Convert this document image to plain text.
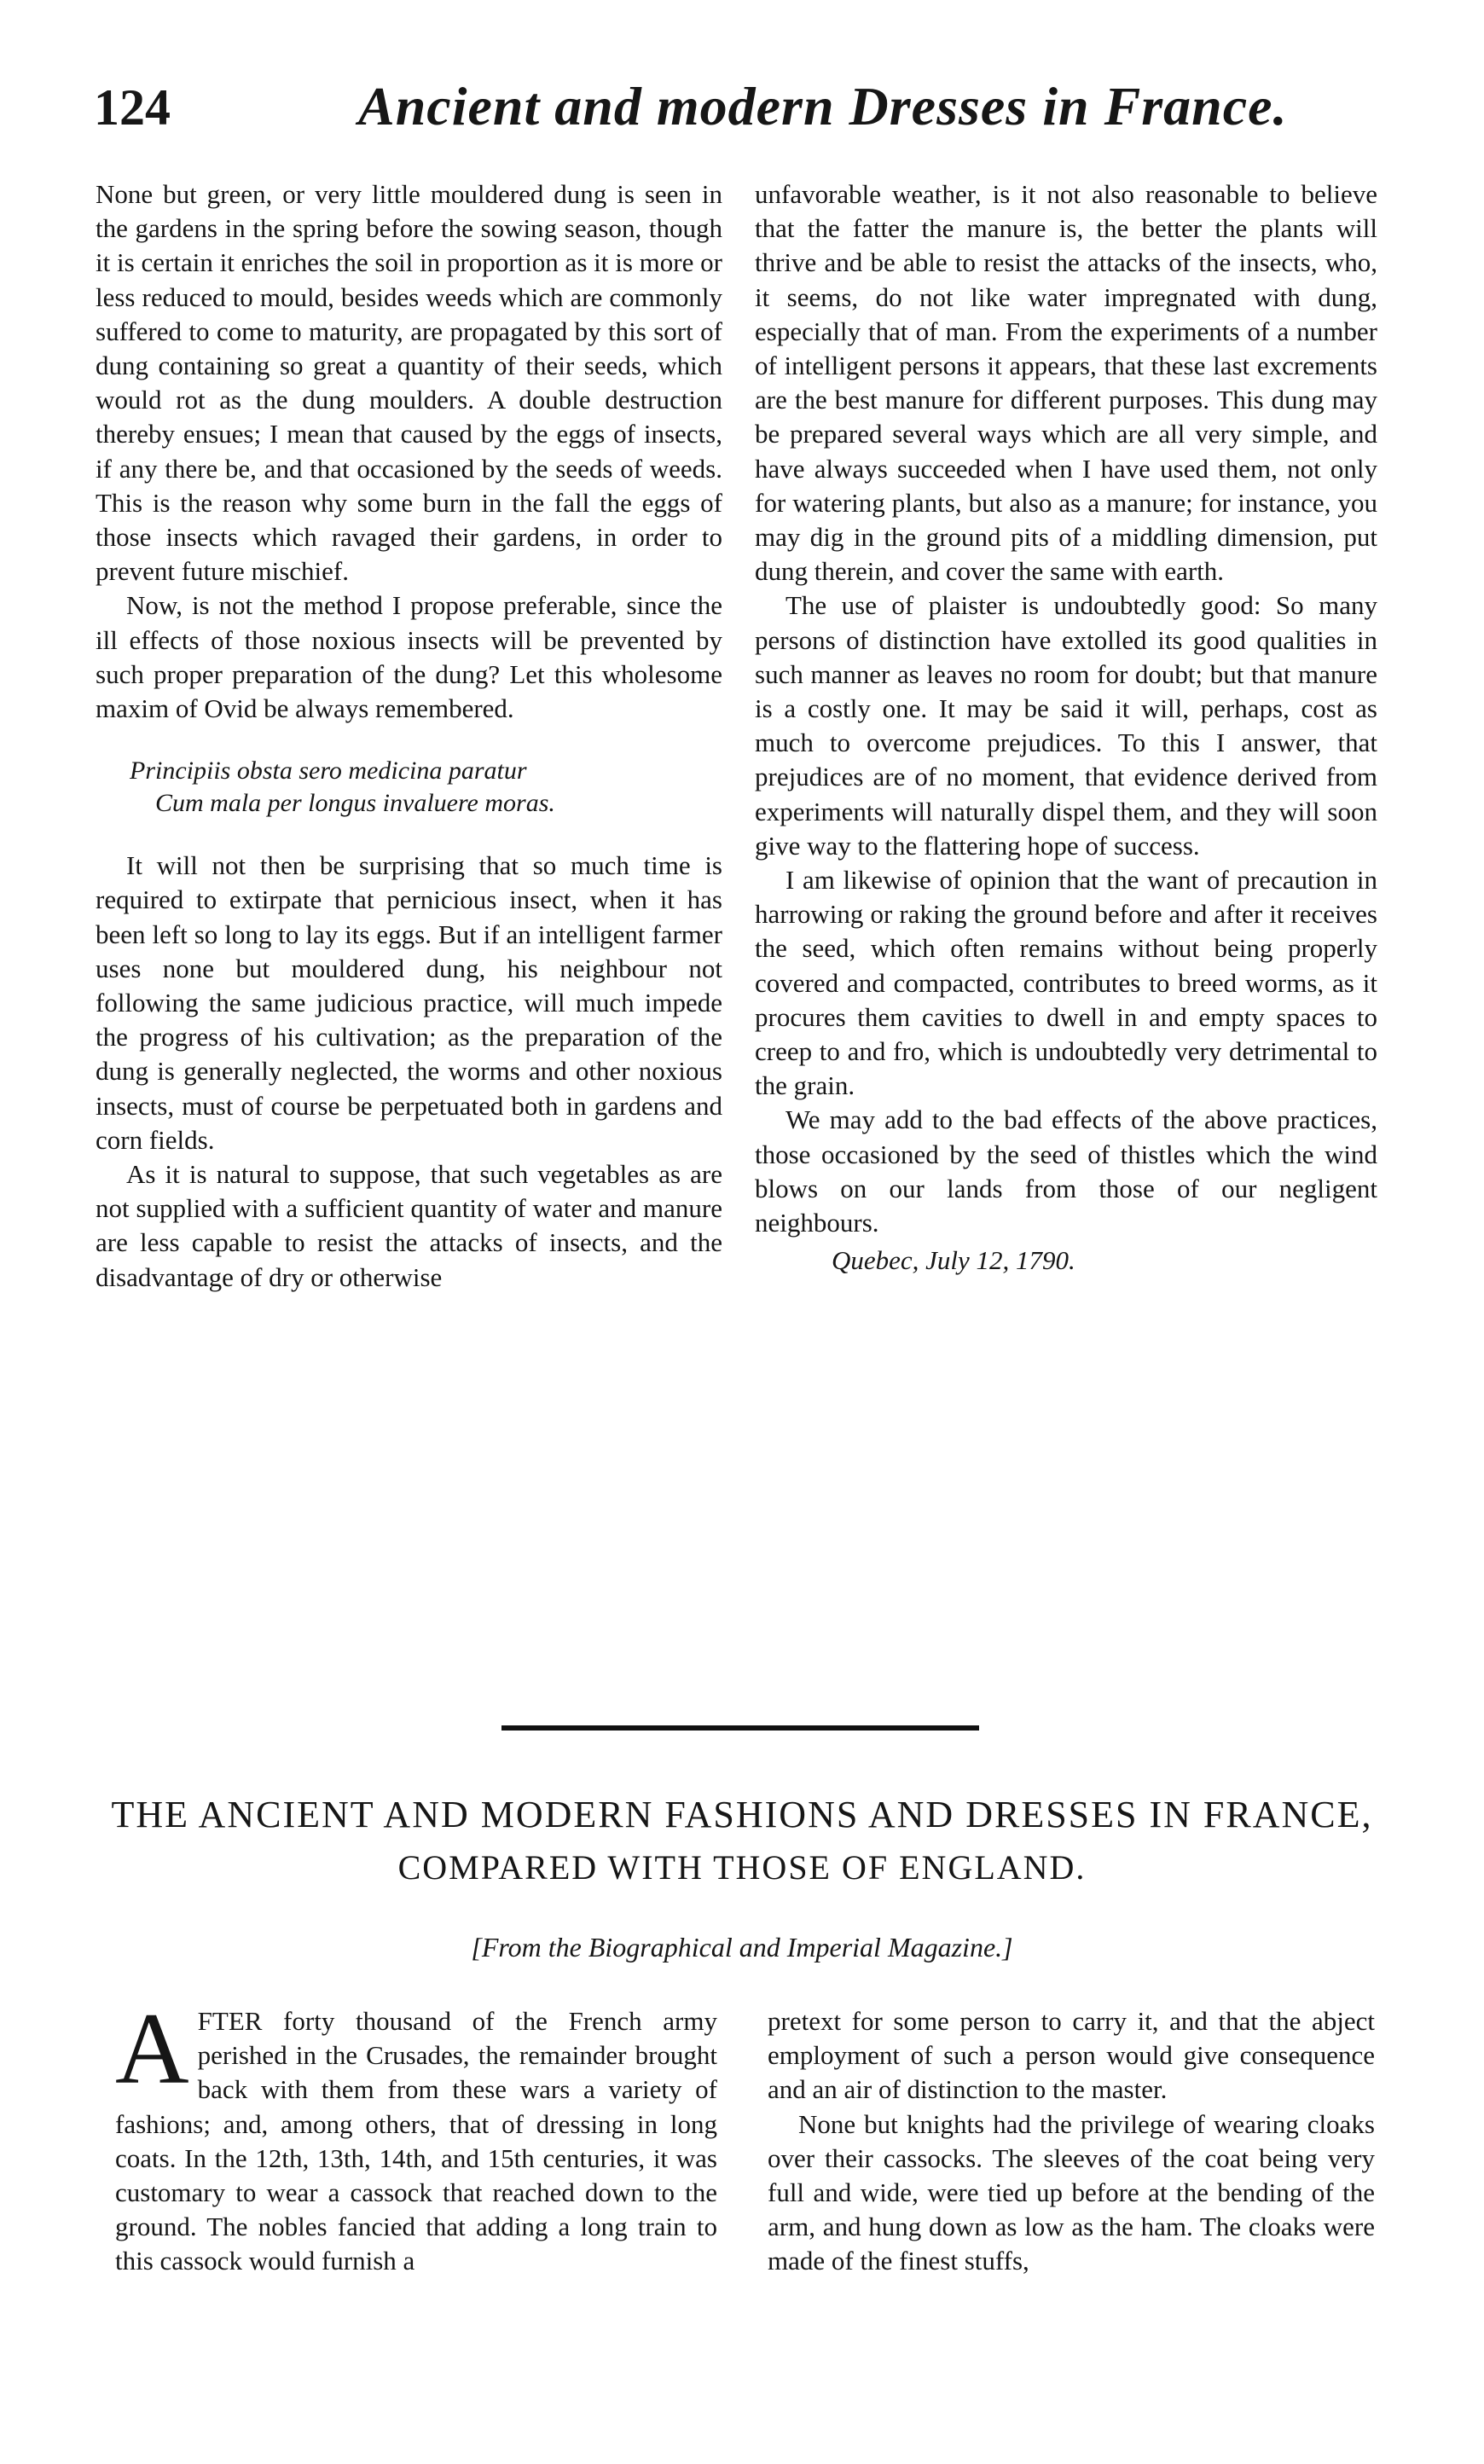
124	Ancient and modern Dresses in France.

None but green, or very little mouldered dung is seen in the gardens in the spring before the sowing season, though it is certain it enriches the soil in proportion as it is more or less reduced to mould, besides weeds which are commonly suffered to come to maturity, are propagated by this sort of dung containing so great a quantity of their seeds, which would rot as the dung moulders. A double destruction thereby ensues; I mean that caused by the eggs of insects, if any there be, and that occasioned by the seeds of weeds. This is the reason why some burn in the fall the eggs of those insects which ravaged their gardens, in order to prevent future mischief.

Now, is not the method I propose preferable, since the ill effects of those noxious insects will be prevented by such proper preparation of the dung? Let this wholesome maxim of Ovid be always remembered.

Principiis obsta sero medicina paratur
Cum mala per longus invaluere moras.

It will not then be surprising that so much time is required to extirpate that pernicious insect, when it has been left so long to lay its eggs. But if an intelligent farmer uses none but mouldered dung, his neighbour not following the same judicious practice, will much impede the progress of his cultivation; as the preparation of the dung is generally neglected, the worms and other noxious insects, must of course be perpetuated both in gardens and corn fields.

As it is natural to suppose, that such vegetables as are not supplied with a sufficient quantity of water and manure are less capable to resist the attacks of insects, and the disadvantage of dry or otherwise

unfavorable weather, is it not also reasonable to believe that the fatter the manure is, the better the plants will thrive and be able to resist the attacks of the insects, who, it seems, do not like water impregnated with dung, especially that of man. From the experiments of a number of intelligent persons it appears, that these last excrements are the best manure for different purposes. This dung may be prepared several ways which are all very simple, and have always succeeded when I have used them, not only for watering plants, but also as a manure; for instance, you may dig in the ground pits of a middling dimension, put dung therein, and cover the same with earth.

The use of plaister is undoubtedly good: So many persons of distinction have extolled its good qualities in such manner as leaves no room for doubt; but that manure is a costly one. It may be said it will, perhaps, cost as much to overcome prejudices. To this I answer, that prejudices are of no moment, that evidence derived from experiments will naturally dispel them, and they will soon give way to the flattering hope of success.

I am likewise of opinion that the want of precaution in harrowing or raking the ground before and after it receives the seed, which often remains without being properly covered and compacted, contributes to breed worms, as it procures them cavities to dwell in and empty spaces to creep to and fro, which is undoubtedly very detrimental to the grain.

We may add to the bad effects of the above practices, those occasioned by the seed of thistles which the wind blows on our lands from those of our negligent neighbours.

Quebec, July 12, 1790.

THE ANCIENT AND MODERN FASHIONS AND DRESSES IN FRANCE,
COMPARED WITH THOSE OF ENGLAND.
[From the Biographical and Imperial Magazine.]

AFTER forty thousand of the French army perished in the Crusades, the remainder brought back with them from these wars a variety of fashions; and, among others, that of dressing in long coats. In the 12th, 13th, 14th, and 15th centuries, it was customary to wear a cassock that reached down to the ground. The nobles fancied that adding a long train to this cassock would furnish a

pretext for some person to carry it, and that the abject employment of such a person would give consequence and an air of distinction to the master.

None but knights had the privilege of wearing cloaks over their cassocks. The sleeves of the coat being very full and wide, were tied up before at the bending of the arm, and hung down as low as the ham. The cloaks were made of the finest stuffs,
